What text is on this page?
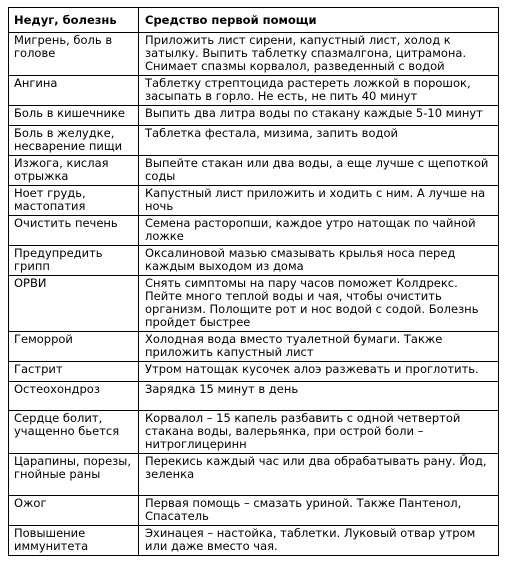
Недуг, болезнь	Средство первой помощи
Мигрень, боль в голове	Приложить лист сирени, капустный лист, холод к затылку. Выпить таблетку спазмалгона, цитрамона. Снимает спазмы корвалол, разведенный с водой
Ангина	Таблетку стрептоцида растереть ложкой в порошок, засыпать в горло. Не есть, не пить 40 минут
Боль в кишечнике	Выпить два литра воды по стакану каждые 5-10 минут
Боль в желудке, несварение пищи	Таблетка фестала, мизима, запить водой
Изжога, кислая отрыжка	Выпейте стакан или два воды, а еще лучше с щепоткой соды
Ноет грудь, мастопатия	Капустный лист приложить и ходить с ним. А лучше на ночь
Очистить печень	Семена расторопши, каждое утро натощак по чайной ложке
Предупредить грипп	Оксалиновой мазью смазывать крылья носа перед каждым выходом из дома
ОРВИ	Снять симптомы на пару часов поможет Колдрекс. Пейте много теплой воды и чая, чтобы очистить организм. Полощите рот и нос водой с содой. Болезнь пройдет быстрее
Геморрой	Холодная вода вместо туалетной бумаги. Также приложить капустный лист
Гастрит	Утром натощак кусочек алоэ разжевать и проглотить.
Остеохондроз	Зарядка 15 минут в день
Сердце болит, учащенно бьется	Корвалол – 15 капель разбавить с одной четвертой стакана воды, валерьянка, при острой боли – нитроглицеринн
Царапины, порезы, гнойные раны	Перекись каждый час или два обрабатывать рану. Йод, зеленка
Ожог	Первая помощь – смазать уриной. Также Пантенол, Спасатель
Повышение иммунитета	Эхинацея – настойка, таблетки. Луковый отвар утром или даже вместо чая.
